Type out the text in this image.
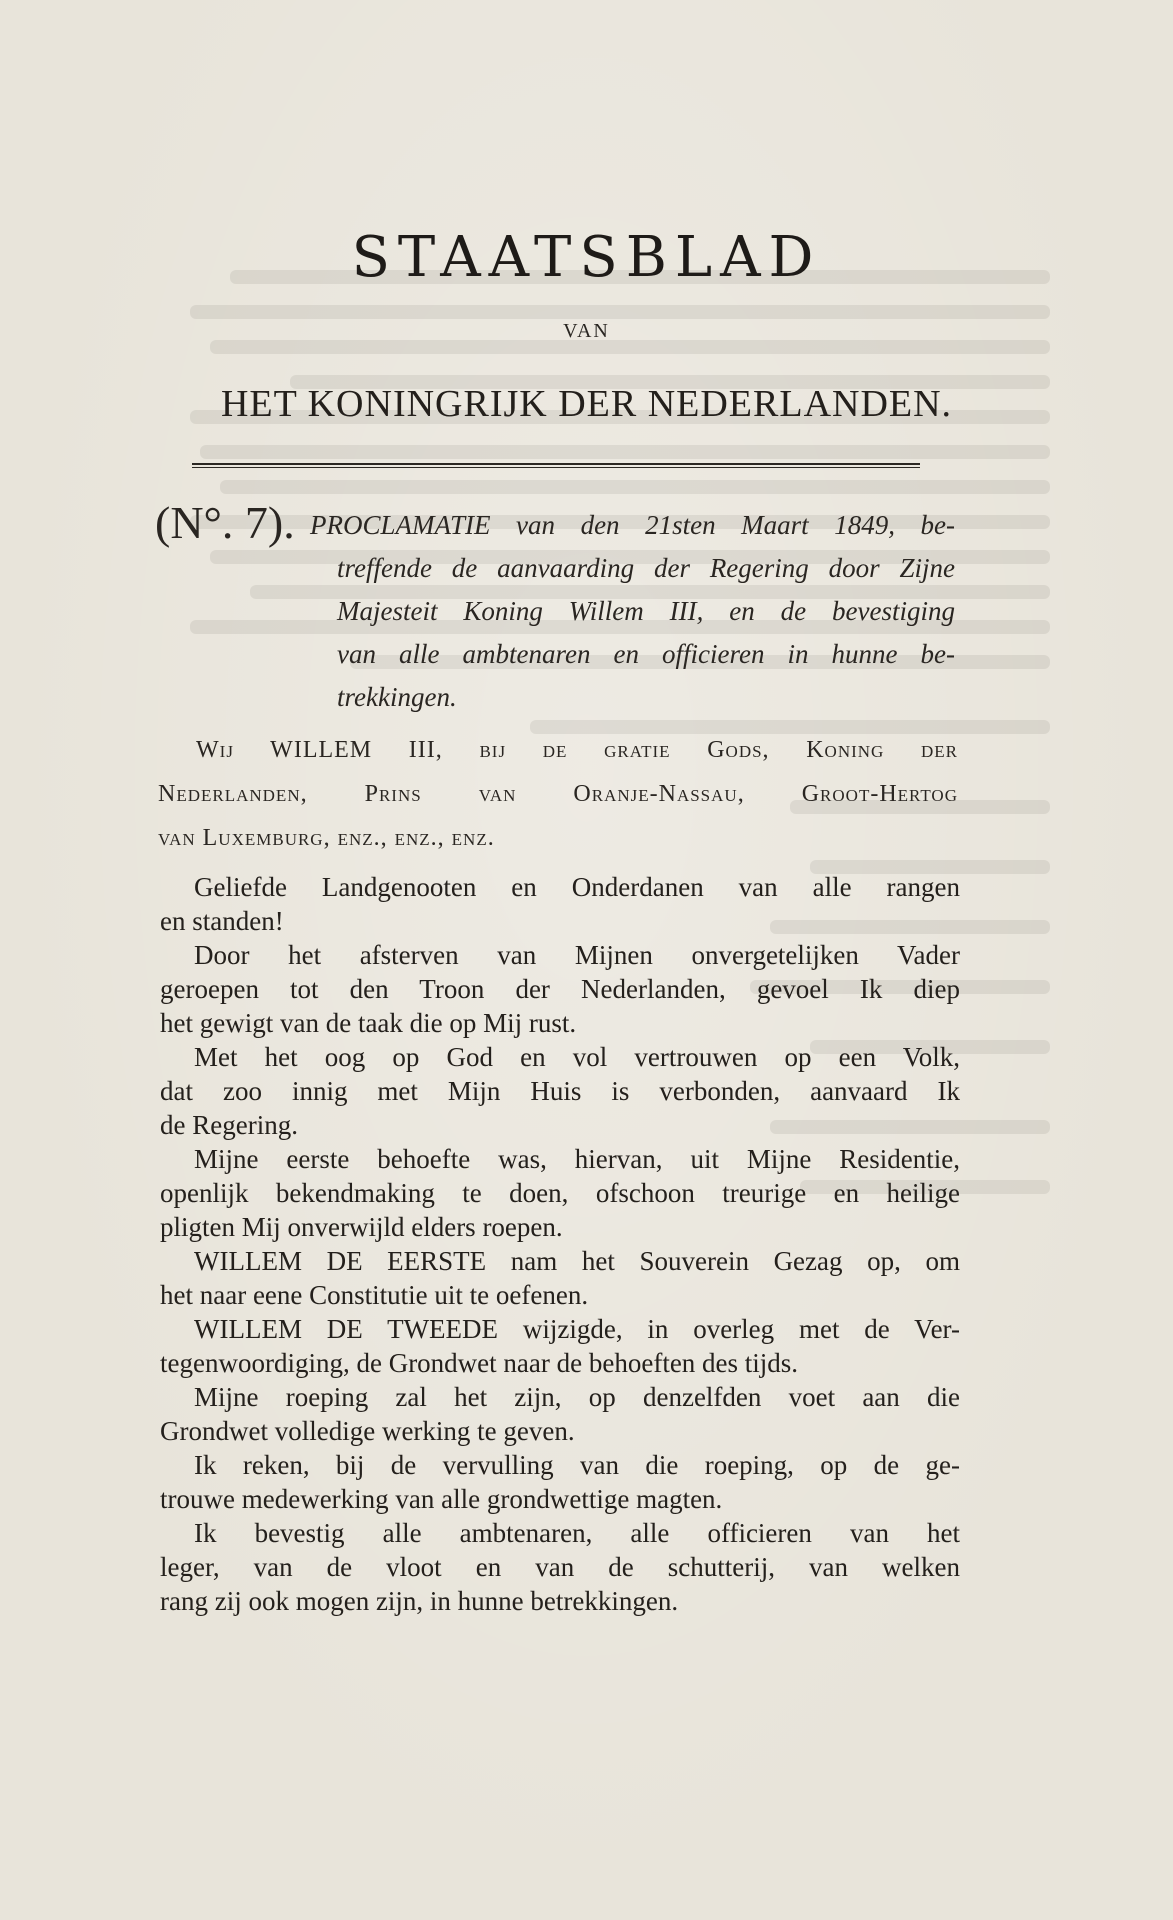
STAATSBLAD
VAN
HET KONINGRIJK DER NEDERLANDEN.
(N°. 7). PROCLAMATIE van den 21sten Maart 1849, be-
treffende de aanvaarding der Regering door Zijne
Majesteit Koning Willem III, en de bevestiging
van alle ambtenaren en officieren in hunne be-
trekkingen.
Wij WILLEM III, bij de gratie Gods, Koning der
Nederlanden, Prins van Oranje-Nassau, Groot-Hertog
van Luxemburg, enz., enz., enz.
Geliefde Landgenooten en Onderdanen van alle rangen
en standen!
Door het afsterven van Mijnen onvergetelijken Vader
geroepen tot den Troon der Nederlanden, gevoel Ik diep
het gewigt van de taak die op Mij rust.
Met het oog op God en vol vertrouwen op een Volk,
dat zoo innig met Mijn Huis is verbonden, aanvaard Ik
de Regering.
Mijne eerste behoefte was, hiervan, uit Mijne Residentie,
openlijk bekendmaking te doen, ofschoon treurige en heilige
pligten Mij onverwijld elders roepen.
WILLEM DE EERSTE nam het Souverein Gezag op, om
het naar eene Constitutie uit te oefenen.
WILLEM DE TWEEDE wijzigde, in overleg met de Ver-
tegenwoordiging, de Grondwet naar de behoeften des tijds.
Mijne roeping zal het zijn, op denzelfden voet aan die
Grondwet volledige werking te geven.
Ik reken, bij de vervulling van die roeping, op de ge-
trouwe medewerking van alle grondwettige magten.
Ik bevestig alle ambtenaren, alle officieren van het
leger, van de vloot en van de schutterij, van welken
rang zij ook mogen zijn, in hunne betrekkingen.
